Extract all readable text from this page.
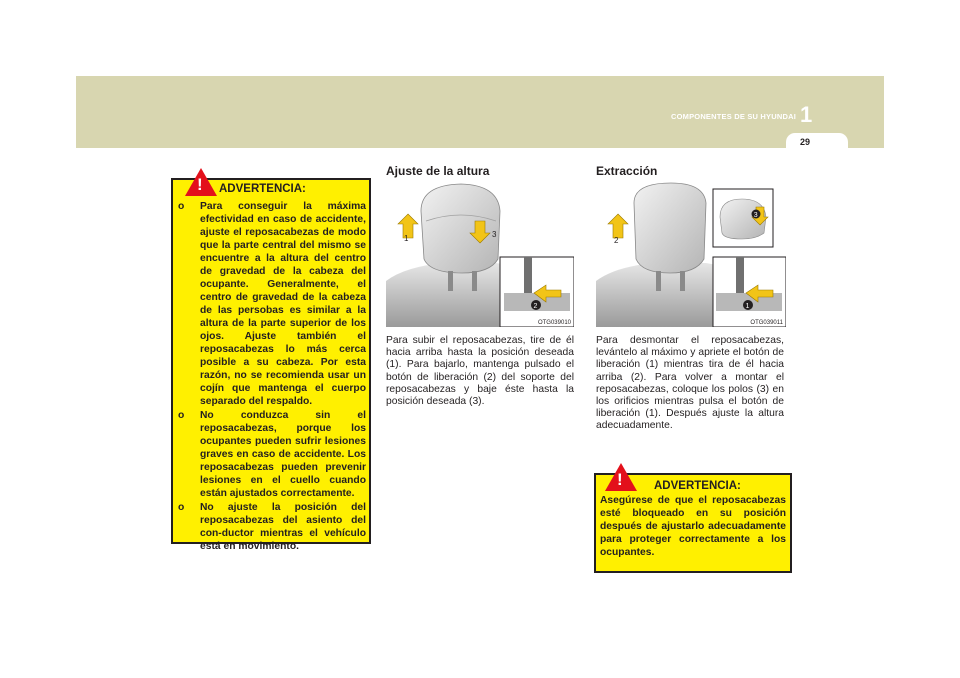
COMPONENTES DE SU HYUNDAI 1
29
! ADVERTENCIA:
o Para conseguir la máxima efectividad en caso de accidente, ajuste el reposacabezas de modo que la parte central del mismo se encuentre a la altura del centro de gravedad de la cabeza del ocupante. Generalmente, el centro de gravedad de la cabeza de las persobas es similar a la altura de la parte superior de los ojos. Ajuste también el reposacabezas lo más cerca posible a su cabeza. Por esta razón, no se recomienda usar un cojín que mantenga el cuerpo separado del respaldo.
o No conduzca sin el reposacabezas, porque los ocupantes pueden sufrir lesiones graves en caso de accidente. Los reposacabezas pueden prevenir lesiones en el cuello cuando están ajustados correctamente.
o No ajuste la posición del reposacabezas del asiento del con-ductor mientras el vehículo está en movimiento.
Ajuste de la altura
1	3
2
OTG039010
Para subir el reposacabezas, tire de él hacia arriba hasta la posición deseada (1). Para bajarlo, mantenga pulsado el botón de liberación (2) del soporte del reposacabezas y baje éste hasta la posición deseada (3).
Extracción
2
3
1
OTG039011
Para desmontar el reposacabezas, levántelo al máximo y apriete el botón de liberación (1) mientras tira de él hacia arriba (2). Para volver a montar el reposacabezas, coloque los polos (3) en los orificios mientras pulsa el botón de liberación (1). Después ajuste la altura adecuadamente.
!	ADVERTENCIA:
Asegúrese de que el reposacabezas esté bloqueado en su posición después de ajustarlo adecuadamente para proteger correctamente a los ocupantes.
